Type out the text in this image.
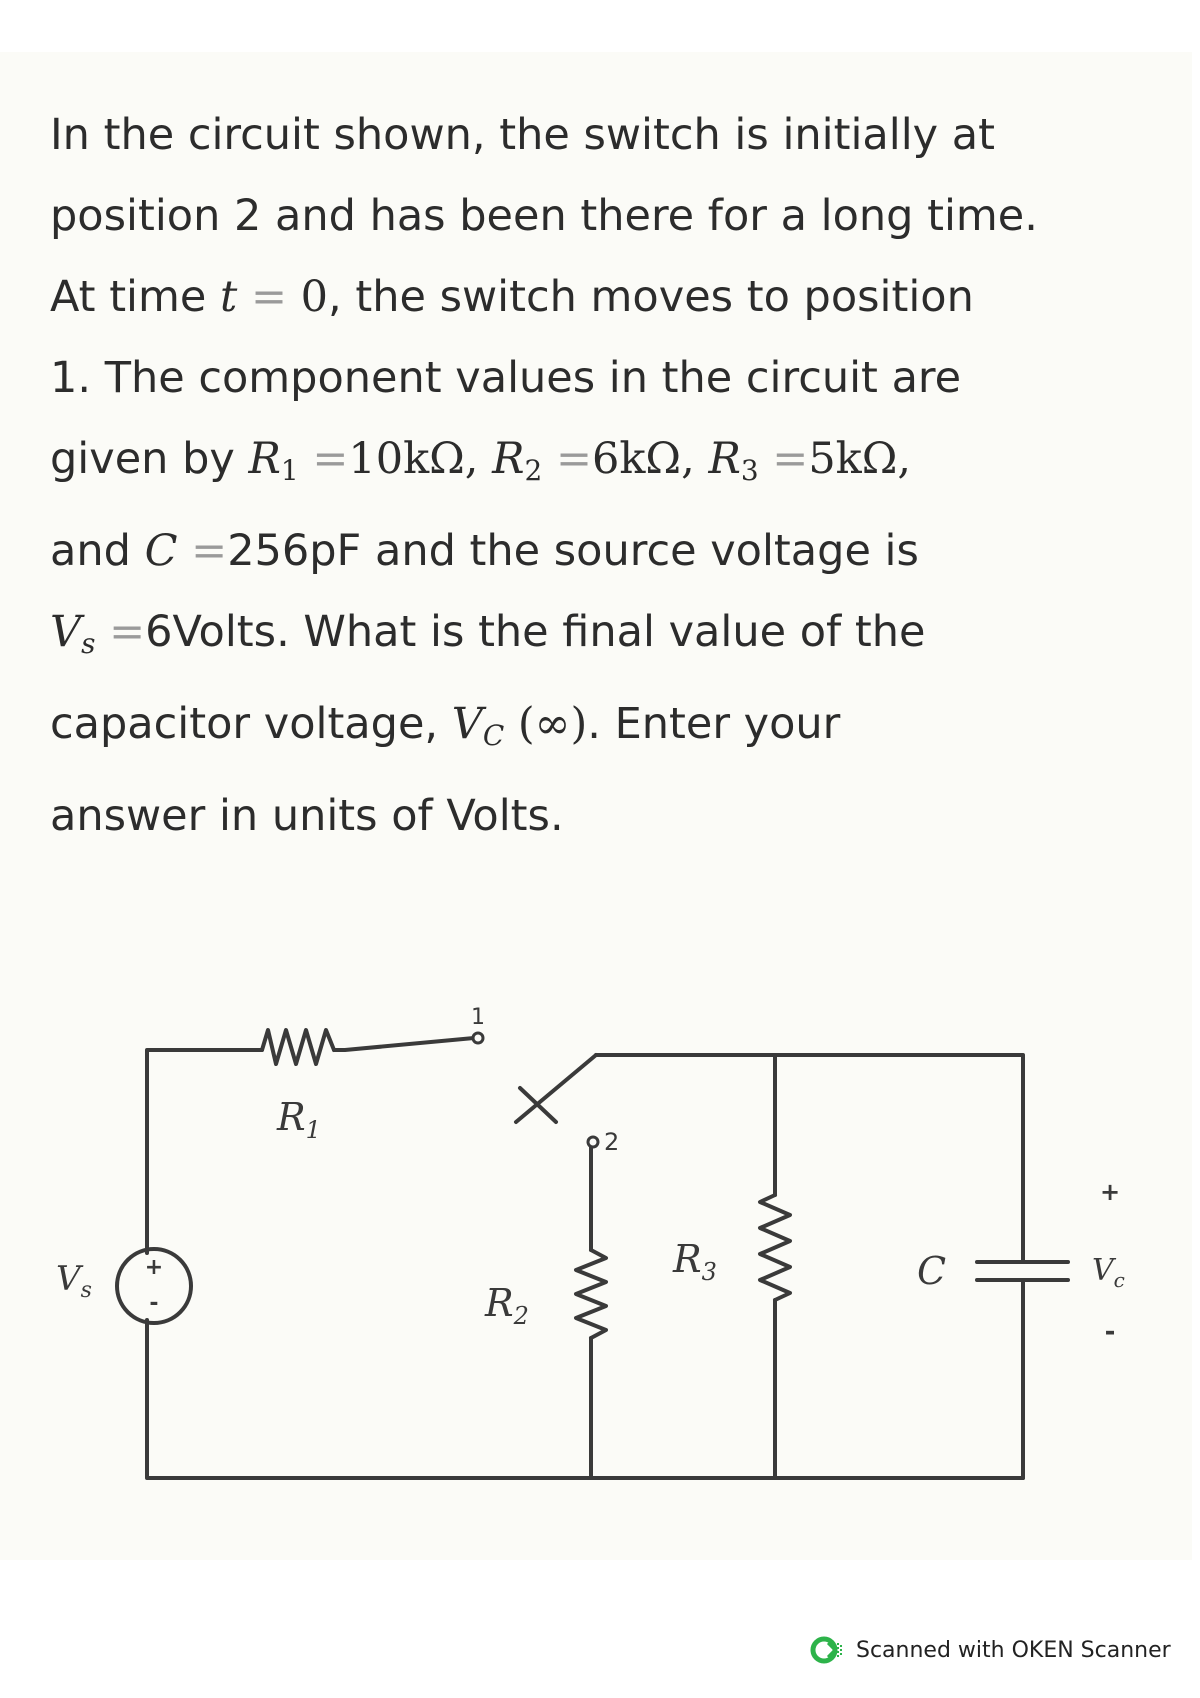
In the circuit shown, the switch is initially at
position 2 and has been there for a long time.
At time t = 0, the switch moves to position
1. The component values in the circuit are
given by $R_1 =10k\Omega$, $R_2 =6k\Omega$, $R_3 =5k\Omega$,
and C =256pF and the source voltage is
Vs =6Volts. What is the final value of the
capacitor voltage, VC (∞). Enter your
answer in units of Volts.
1
2
$R_1$
$R_2$
$R_3$	C
$V_s$
$V_c$
+
-
+
-
Scanned with OKEN Scanner
